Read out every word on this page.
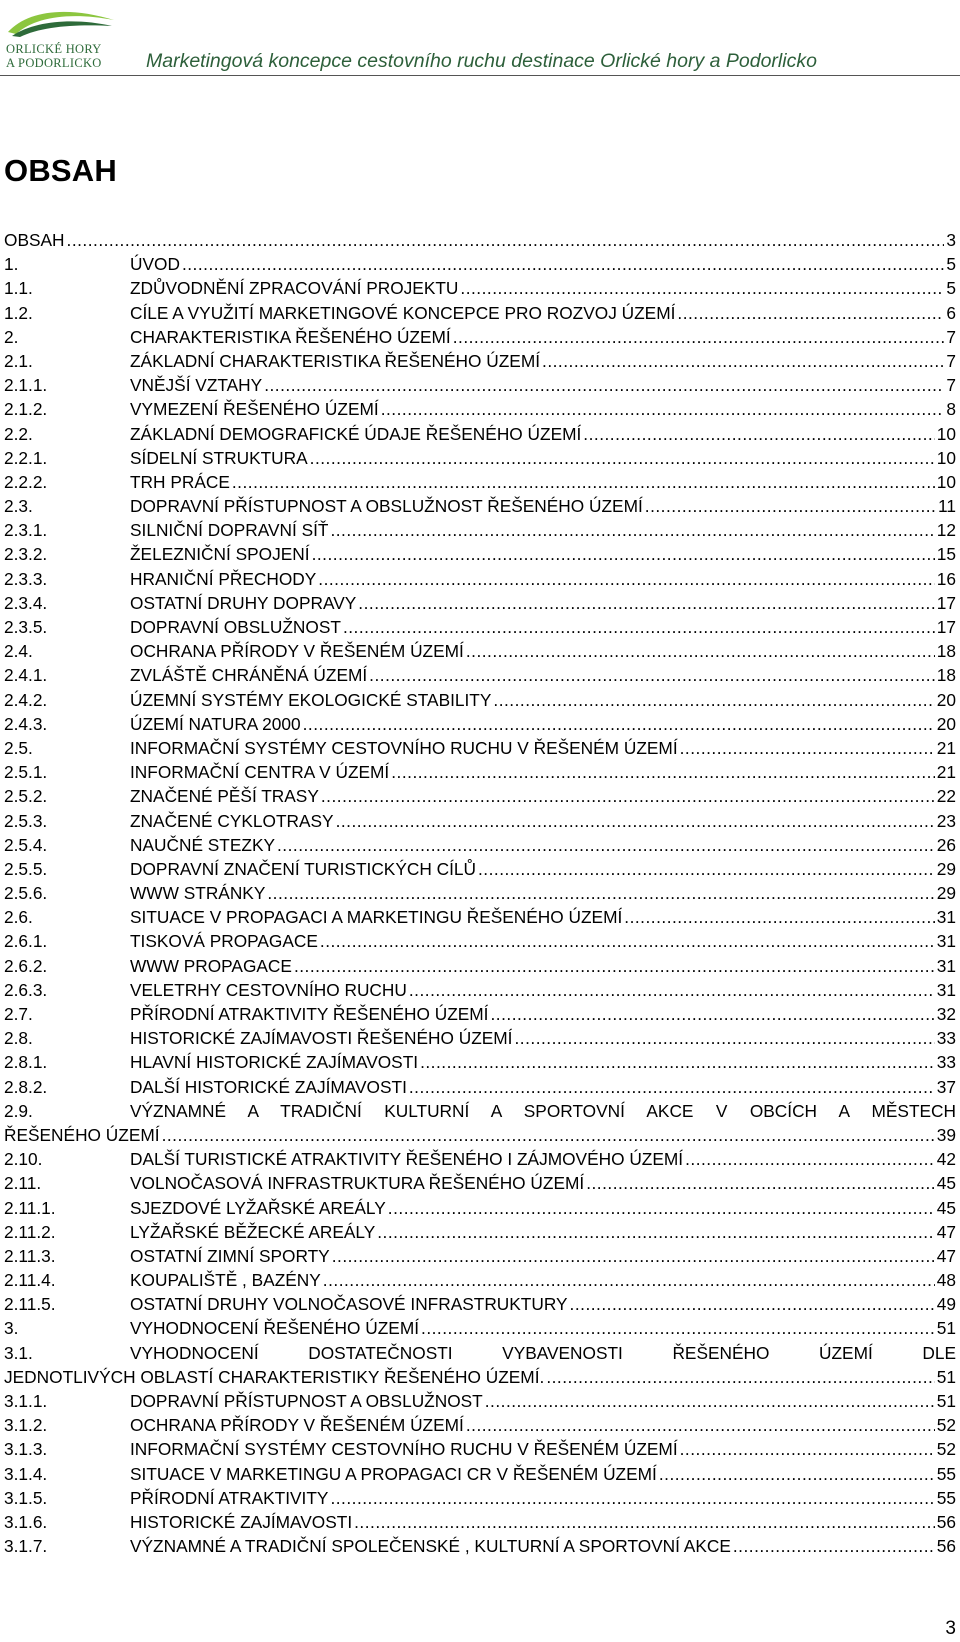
ORLICKÉ HORY
A PODORLICKO	Marketingová koncepce cestovního ruchu destinace Orlické hory a Podorlicko
OBSAH
OBSAH .....	3
1.	ÚVOD .....	5
1.1.	ZDŮVODNĚNÍ ZPRACOVÁNÍ PROJEKTU .....	5
1.2.	CÍLE A VYUŽITÍ MARKETINGOVÉ KONCEPCE PRO ROZVOJ ÚZEMÍ .....	6
2.	CHARAKTERISTIKA ŘEŠENÉHO ÚZEMÍ .....	7
2.1.	ZÁKLADNÍ CHARAKTERISTIKA ŘEŠENÉHO ÚZEMÍ .....	7
2.1.1.	VNĚJŠÍ VZTAHY .....	7
2.1.2.	VYMEZENÍ ŘEŠENÉHO ÚZEMÍ .....	8
2.2.	ZÁKLADNÍ DEMOGRAFICKÉ ÚDAJE ŘEŠENÉHO ÚZEMÍ .....	10
2.2.1.	SÍDELNÍ STRUKTURA .....	10
2.2.2.	TRH PRÁCE .....	10
2.3.	DOPRAVNÍ PŘÍSTUPNOST A OBSLUŽNOST ŘEŠENÉHO ÚZEMÍ .....	11
2.3.1.	SILNIČNÍ DOPRAVNÍ SÍŤ .....	12
2.3.2.	ŽELEZNIČNÍ SPOJENÍ .....	15
2.3.3.	HRANIČNÍ PŘECHODY .....	16
2.3.4.	OSTATNÍ DRUHY DOPRAVY .....	17
2.3.5.	DOPRAVNÍ OBSLUŽNOST .....	17
2.4.	OCHRANA PŘÍRODY V ŘEŠENÉM ÚZEMÍ .....	18
2.4.1.	ZVLÁŠTĚ CHRÁNĚNÁ ÚZEMÍ .....	18
2.4.2.	ÚZEMNÍ SYSTÉMY EKOLOGICKÉ STABILITY .....	20
2.4.3.	ÚZEMÍ NATURA 2000 .....	20
2.5.	INFORMAČNÍ SYSTÉMY CESTOVNÍHO RUCHU V ŘEŠENÉM ÚZEMÍ .....	21
2.5.1.	INFORMAČNÍ CENTRA V ÚZEMÍ .....	21
2.5.2.	ZNAČENÉ PĚŠÍ TRASY .....	22
2.5.3.	ZNAČENÉ CYKLOTRASY .....	23
2.5.4.	NAUČNÉ STEZKY .....	26
2.5.5.	DOPRAVNÍ ZNAČENÍ TURISTICKÝCH CÍLŮ .....	29
2.5.6.	WWW STRÁNKY .....	29
2.6.	SITUACE V PROPAGACI A MARKETINGU ŘEŠENÉHO ÚZEMÍ .....	31
2.6.1.	TISKOVÁ PROPAGACE .....	31
2.6.2.	WWW PROPAGACE .....	31
2.6.3.	VELETRHY CESTOVNÍHO RUCHU .....	31
2.7.	PŘÍRODNÍ ATRAKTIVITY ŘEŠENÉHO ÚZEMÍ .....	32
2.8.	HISTORICKÉ ZAJÍMAVOSTI ŘEŠENÉHO ÚZEMÍ .....	33
2.8.1.	HLAVNÍ HISTORICKÉ ZAJÍMAVOSTI .....	33
2.8.2.	DALŠÍ HISTORICKÉ ZAJÍMAVOSTI .....	37
2.9.	VÝZNAMNÉ A TRADIČNÍ KULTURNÍ A SPORTOVNÍ AKCE V OBCÍCH A MĚSTECH
ŘEŠENÉHO ÚZEMÍ .....	39
2.10.	DALŠÍ TURISTICKÉ ATRAKTIVITY ŘEŠENÉHO I ZÁJMOVÉHO ÚZEMÍ .....	42
2.11.	VOLNOČASOVÁ INFRASTRUKTURA ŘEŠENÉHO ÚZEMÍ .....	45
2.11.1.	SJEZDOVÉ LYŽAŘSKÉ AREÁLY .....	45
2.11.2.	LYŽAŘSKÉ BĚŽECKÉ AREÁLY .....	47
2.11.3.	OSTATNÍ ZIMNÍ SPORTY .....	47
2.11.4.	KOUPALIŠTĚ , BAZÉNY .....	48
2.11.5.	OSTATNÍ DRUHY VOLNOČASOVÉ INFRASTRUKTURY .....	49
3.	VYHODNOCENÍ ŘEŠENÉHO ÚZEMÍ .....	51
3.1.	VYHODNOCENÍ DOSTATEČNOSTI VYBAVENOSTI ŘEŠENÉHO ÚZEMÍ DLE
JEDNOTLIVÝCH OBLASTÍ CHARAKTERISTIKY ŘEŠENÉHO ÚZEMÍ. .....	51
3.1.1.	DOPRAVNÍ PŘÍSTUPNOST A OBSLUŽNOST .....	51
3.1.2.	OCHRANA PŘÍRODY V ŘEŠENÉM ÚZEMÍ .....	52
3.1.3.	INFORMAČNÍ SYSTÉMY CESTOVNÍHO RUCHU V ŘEŠENÉM ÚZEMÍ .....	52
3.1.4.	SITUACE V MARKETINGU A PROPAGACI CR V ŘEŠENÉM ÚZEMÍ .....	55
3.1.5.	PŘÍRODNÍ ATRAKTIVITY .....	55
3.1.6.	HISTORICKÉ ZAJÍMAVOSTI .....	56
3.1.7.	VÝZNAMNÉ A TRADIČNÍ SPOLEČENSKÉ , KULTURNÍ A SPORTOVNÍ AKCE .....	56
3
